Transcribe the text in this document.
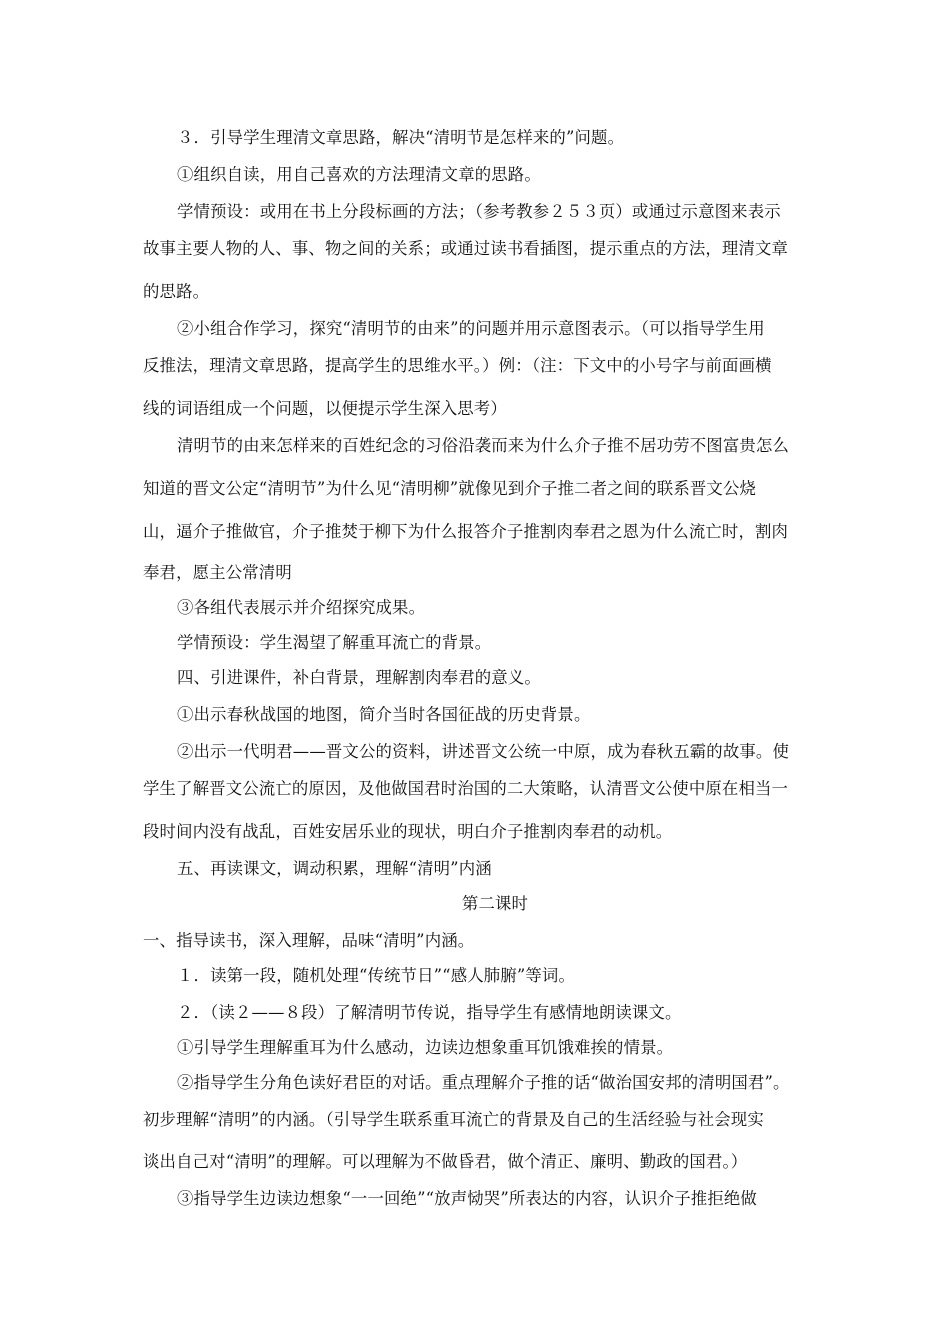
３．引导学生理清文章思路，解决“清明节是怎样来的”问题。
①组织自读，用自己喜欢的方法理清文章的思路。
学情预设：或用在书上分段标画的方法；（参考教参２５３页）或通过示意图来表示
故事主要人物的人、事、物之间的关系；或通过读书看插图，提示重点的方法，理清文章
的思路。
②小组合作学习，探究“清明节的由来”的问题并用示意图表示。（可以指导学生用
反推法，理清文章思路，提高学生的思维水平。）例：（注：下文中的小号字与前面画横
线的词语组成一个问题，以便提示学生深入思考）
清明节的由来怎样来的百姓纪念的习俗沿袭而来为什么介子推不居功劳不图富贵怎么
知道的晋文公定“清明节”为什么见“清明柳”就像见到介子推二者之间的联系晋文公烧
山，逼介子推做官，介子推焚于柳下为什么报答介子推割肉奉君之恩为什么流亡时，割肉
奉君，愿主公常清明
③各组代表展示并介绍探究成果。
学情预设：学生渴望了解重耳流亡的背景。
四、引进课件，补白背景，理解割肉奉君的意义。
①出示春秋战国的地图，简介当时各国征战的历史背景。
②出示一代明君——晋文公的资料，讲述晋文公统一中原，成为春秋五霸的故事。使
学生了解晋文公流亡的原因，及他做国君时治国的二大策略，认清晋文公使中原在相当一
段时间内没有战乱，百姓安居乐业的现状，明白介子推割肉奉君的动机。
五、再读课文，调动积累，理解“清明”内涵
第二课时
一、指导读书，深入理解，品味“清明”内涵。
１．读第一段，随机处理“传统节日”“感人肺腑”等词。
２．（读２——８段）了解清明节传说，指导学生有感情地朗读课文。
①引导学生理解重耳为什么感动，边读边想象重耳饥饿难挨的情景。
②指导学生分角色读好君臣的对话。重点理解介子推的话“做治国安邦的清明国君”。
初步理解“清明”的内涵。（引导学生联系重耳流亡的背景及自己的生活经验与社会现实
谈出自己对“清明”的理解。可以理解为不做昏君，做个清正、廉明、勤政的国君。）
③指导学生边读边想象“一一回绝”“放声恸哭”所表达的内容，认识介子推拒绝做
